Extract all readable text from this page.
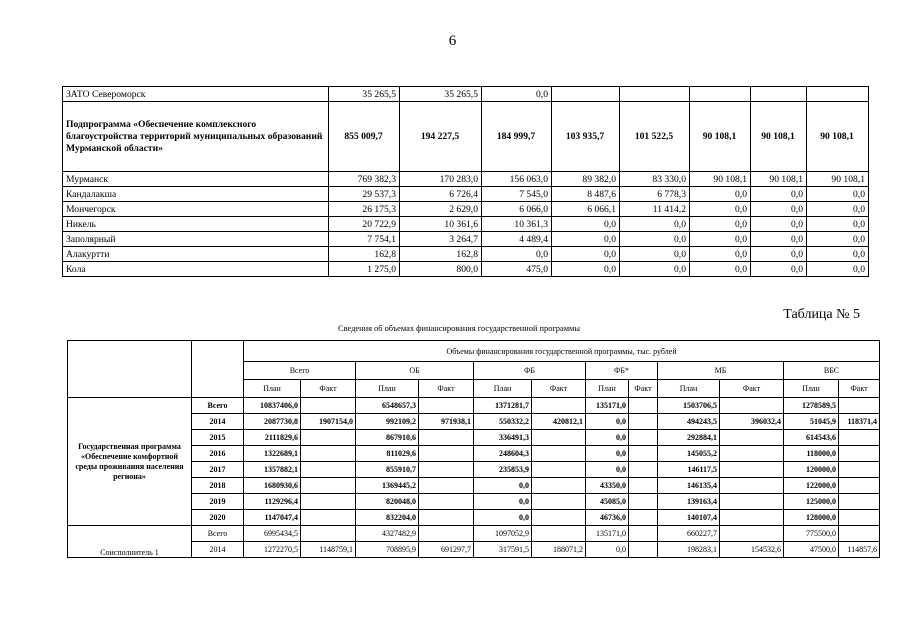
6
ЗАТО Североморск	35 265,5	35 265,5	0,0					
Подпрограмма «Обеспечение комплексного благоустройства территорий муниципальных образований Мурманской области»	855 009,7	194 227,5	184 999,7	103 935,7	101 522,5	90 108,1	90 108,1	90 108,1
Мурманск	769 382,3	170 283,0	156 063,0	89 382,0	83 330,0	90 108,1	90 108,1	90 108,1
Кандалакша	29 537,3	6 726,4	7 545,0	8 487,6	6 778,3	0,0	0,0	0,0
Мончегорск	26 175,3	2 629,0	6 066,0	6 066,1	11 414,2	0,0	0,0	0,0
Никель	20 722,9	10 361,6	10 361,3	0,0	0,0	0,0	0,0	0,0
Заполярный	7 754,1	3 264,7	4 489,4	0,0	0,0	0,0	0,0	0,0
Алакуртти	162,8	162,8	0,0	0,0	0,0	0,0	0,0	0,0
Кола	1 275,0	800,0	475,0	0,0	0,0	0,0	0,0	0,0
Таблица № 5
Сведения об объемах финансирования государственной программы
		Объемы финансирования государственной программы, тыс. рублей											
		Всего		ОБ		ФБ		ФБ*		МБ		ВБС	
		План	Факт	План	Факт	План	Факт	План	Факт	План	Факт	План	Факт
Государственная программа «Обеспечение комфортной среды проживания населения региона»	Всего	10837406,0		6548657,3		1371281,7		135171,0		1503706,5		1278589,5	
	2014	2087730,8	1907154,0	992109,2	971938,1	550332,2	420812,1	0,0		494243,5	396032,4	51045,9	118371,4
	2015	2111829,6		867910,6		336491,3		0,0		292884,1		614543,6	
	2016	1322689,1		811029,6		248604,3		0,0		145055,2		118000,0	
	2017	1357882,1		855910,7		235853,9		0,0		146117,5		120000,0	
	2018	1680930,6		1369445,2		0,0		43350,0		146135,4		122000,0	
	2019	1129296,4		820048,0		0,0		45085,0		139163,4		125000,0	
	2020	1147047,4		832204,0		0,0		46736,0		140107,4		128000,0	
Соисполнитель 1	Всего	6995434,5		4327482,9		1097052,9		135171,0		660227,7		775500,0	
	2014	1272270,5	1148759,1	708895,9	691297,7	317591,5	188071,2	0,0		198283,1	154532,6	47500,0	114857,6
